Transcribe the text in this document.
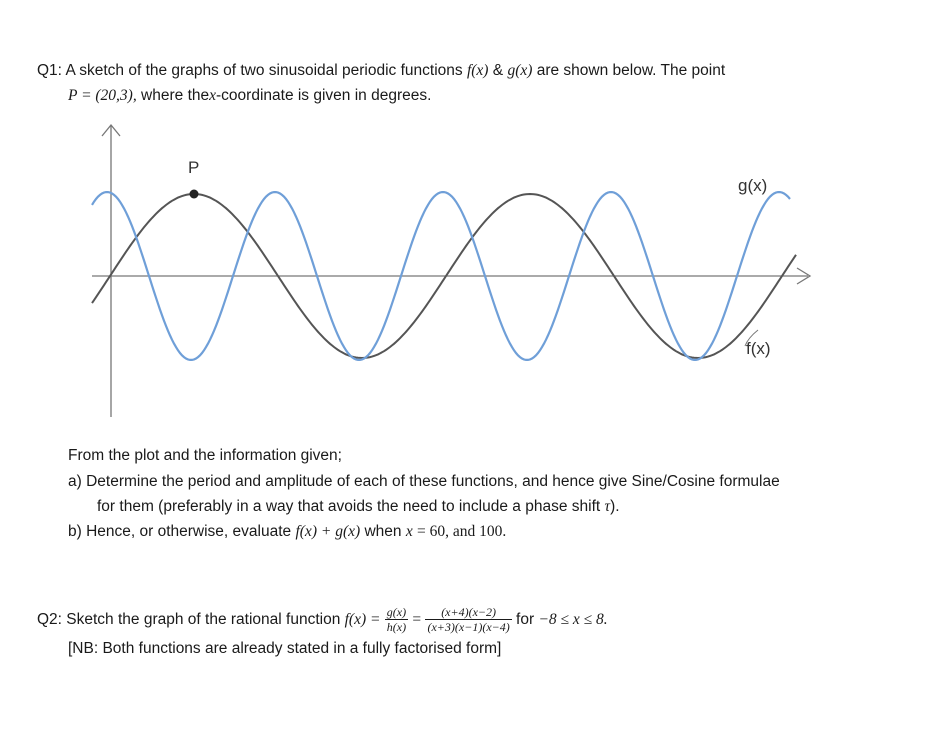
P
g(x)
f(x)
Q1: A sketch of the graphs of two sinusoidal periodic functions f(x) & g(x) are shown below. The point
P = (20,3), where thex-coordinate is given in degrees.
From the plot and the information given;
a) Determine the period and amplitude of each of these functions, and hence give Sine/Cosine formulae
for them (preferably in a way that avoids the need to include a phase shift τ).
b) Hence, or otherwise, evaluate f(x) + g(x) when x = 60, and 100.
Q2: Sketch the graph of the rational function $f(x) = \frac{g(x)}{h(x)} = \frac{(x+4)(x-2)}{(x+3)(x-1)(x-4)}$ for −8 ≤ x ≤ 8.
[NB: Both functions are already stated in a fully factorised form]
